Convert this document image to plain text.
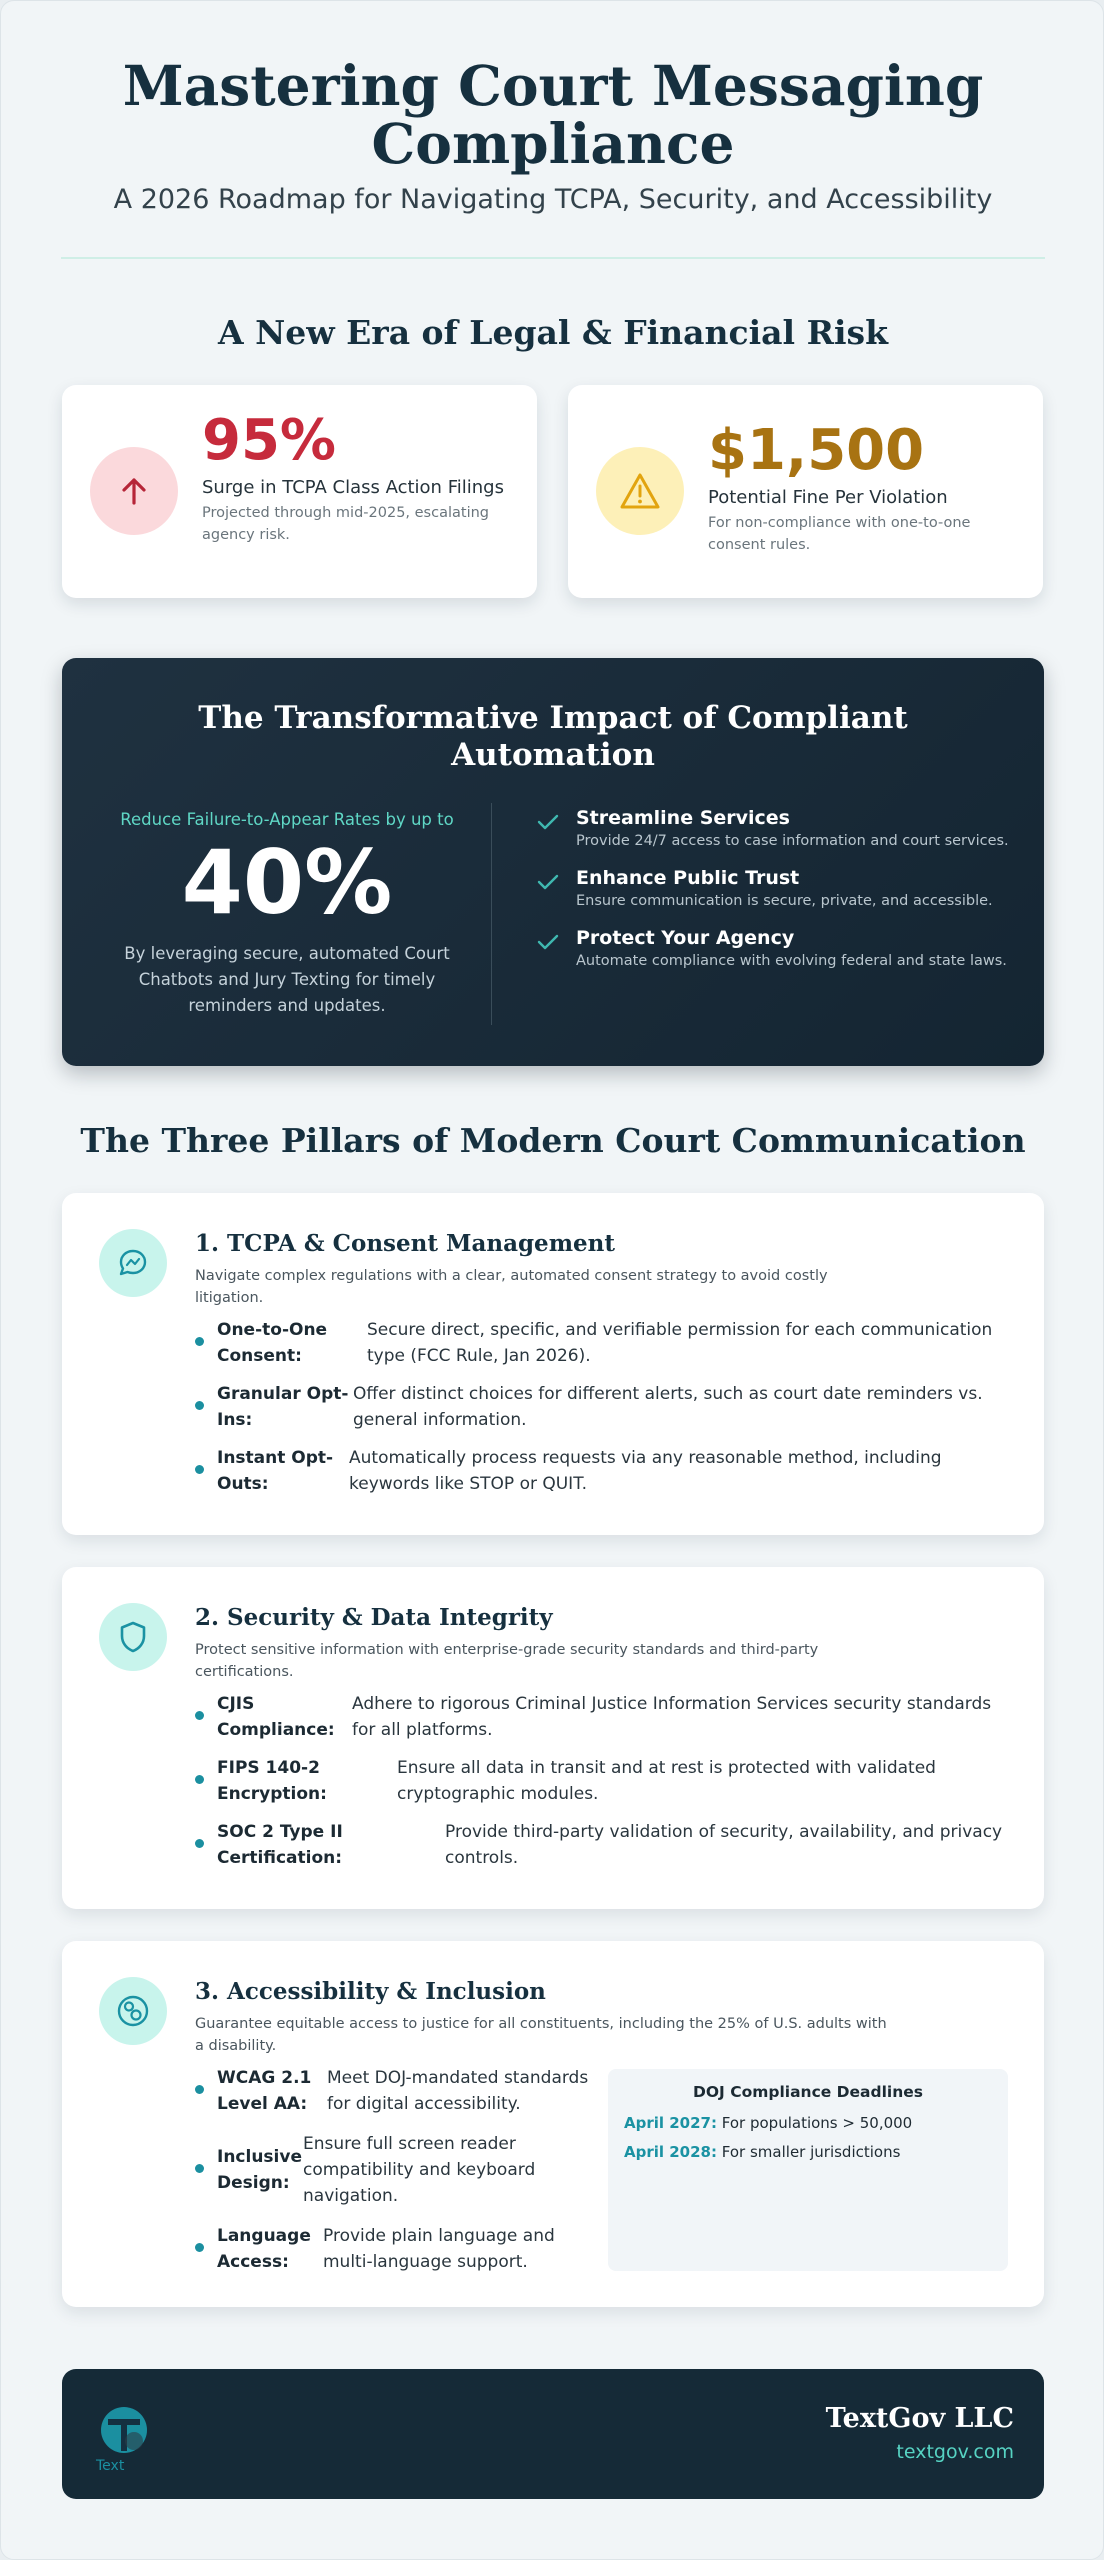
Mastering Court Messaging Compliance
A 2026 Roadmap for Navigating TCPA, Security, and Accessibility
A New Era of Legal & Financial Risk
95%
Surge in TCPA Class Action Filings
Projected through mid-2025, escalating agency risk.
$1,500
Potential Fine Per Violation
For non-compliance with one-to-one consent rules.
The Transformative Impact of Compliant Automation
Reduce Failure-to-Appear Rates by up to
40%
By leveraging secure, automated Court Chatbots and Jury Texting for timely reminders and updates.
Streamline Services
Provide 24/7 access to case information and court services.
Enhance Public Trust
Ensure communication is secure, private, and accessible.
Protect Your Agency
Automate compliance with evolving federal and state laws.
The Three Pillars of Modern Court Communication
1. TCPA & Consent Management
Navigate complex regulations with a clear, automated consent strategy to avoid costly litigation.
One-to-One Consent:
Secure direct, specific, and verifiable permission for each communication type (FCC Rule, Jan 2026).
Granular Opt-Ins:
Offer distinct choices for different alerts, such as court date reminders vs. general information.
Instant Opt-Outs:
Automatically process requests via any reasonable method, including keywords like STOP or QUIT.
2. Security & Data Integrity
Protect sensitive information with enterprise-grade security standards and third-party certifications.
CJIS Compliance:
Adhere to rigorous Criminal Justice Information Services security standards for all platforms.
FIPS 140-2 Encryption:
Ensure all data in transit and at rest is protected with validated cryptographic modules.
SOC 2 Type II Certification:
Provide third-party validation of security, availability, and privacy controls.
3. Accessibility & Inclusion
Guarantee equitable access to justice for all constituents, including the 25% of U.S. adults with a disability.
WCAG 2.1 Level AA:
Meet DOJ-mandated standards for digital accessibility.
Inclusive Design:
Ensure full screen reader compatibility and keyboard navigation.
Language Access:
Provide plain language and multi-language support.
DOJ Compliance Deadlines
April 2027: For populations > 50,000
April 2028: For smaller jurisdictions
Text
TextGov LLC
textgov.com
